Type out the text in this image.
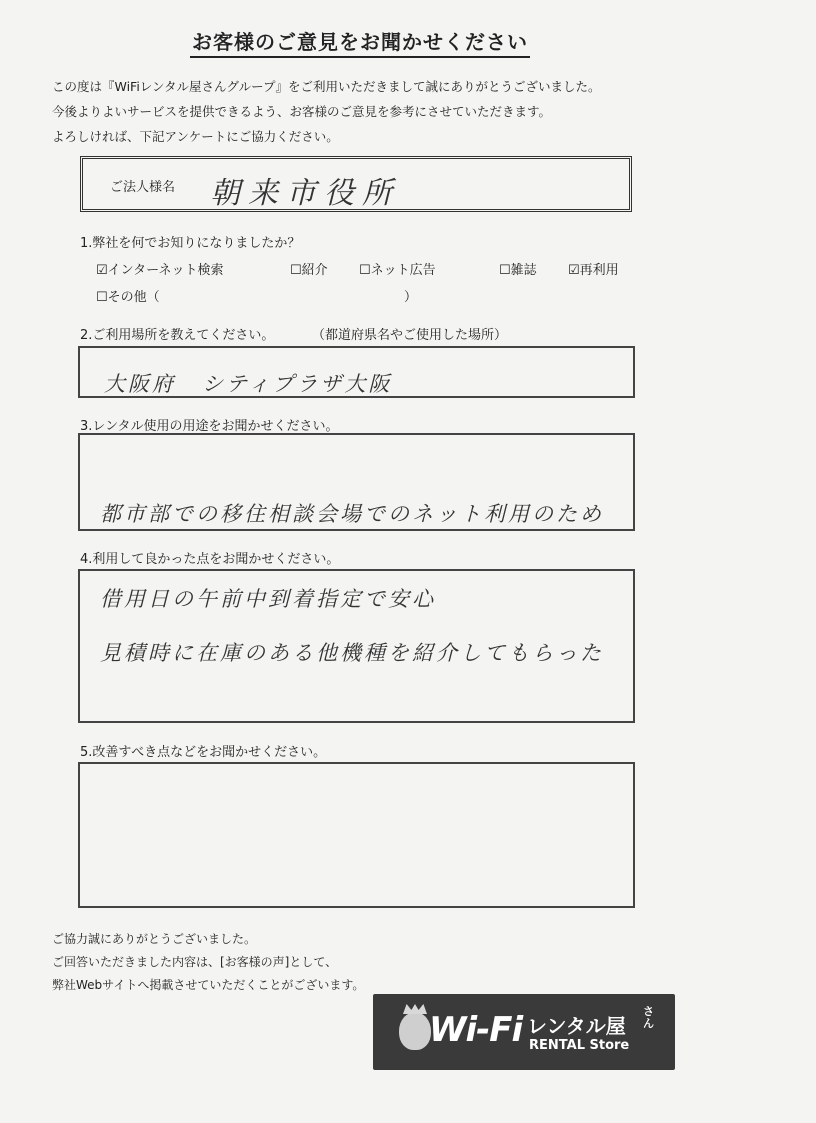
お客様のご意見をお聞かせください
この度は『WiFiレンタル屋さんグループ』をご利用いただきまして誠にありがとうございました。
今後よりよいサービスを提供できるよう、お客様のご意見を参考にさせていただきます。
よろしければ、下記アンケートにご協力ください。
ご法人様名 朝来市役所
1.弊社を何でお知りになりましたか？
☑インターネット検索	☐紹介 ☐ネット広告	☐雑誌 ☑再利用
☐その他（	）
2.ご利用場所を教えてください。	（都道府県名やご使用した場所）
大阪府 シティプラザ大阪
3.レンタル使用の用途をお聞かせください。
都市部での移住相談会場でのネット利用のため
4.利用して良かった点をお聞かせください。
借用日の午前中到着指定で安心
見積時に在庫のある他機種を紹介してもらった
5.改善すべき点などをお聞かせください。
ご協力誠にありがとうございました。
ご回答いただきました内容は、[お客様の声]として、
弊社Webサイトへ掲載させていただくことがございます。
Wi-Fi レンタル屋
さん
RENTAL Store
